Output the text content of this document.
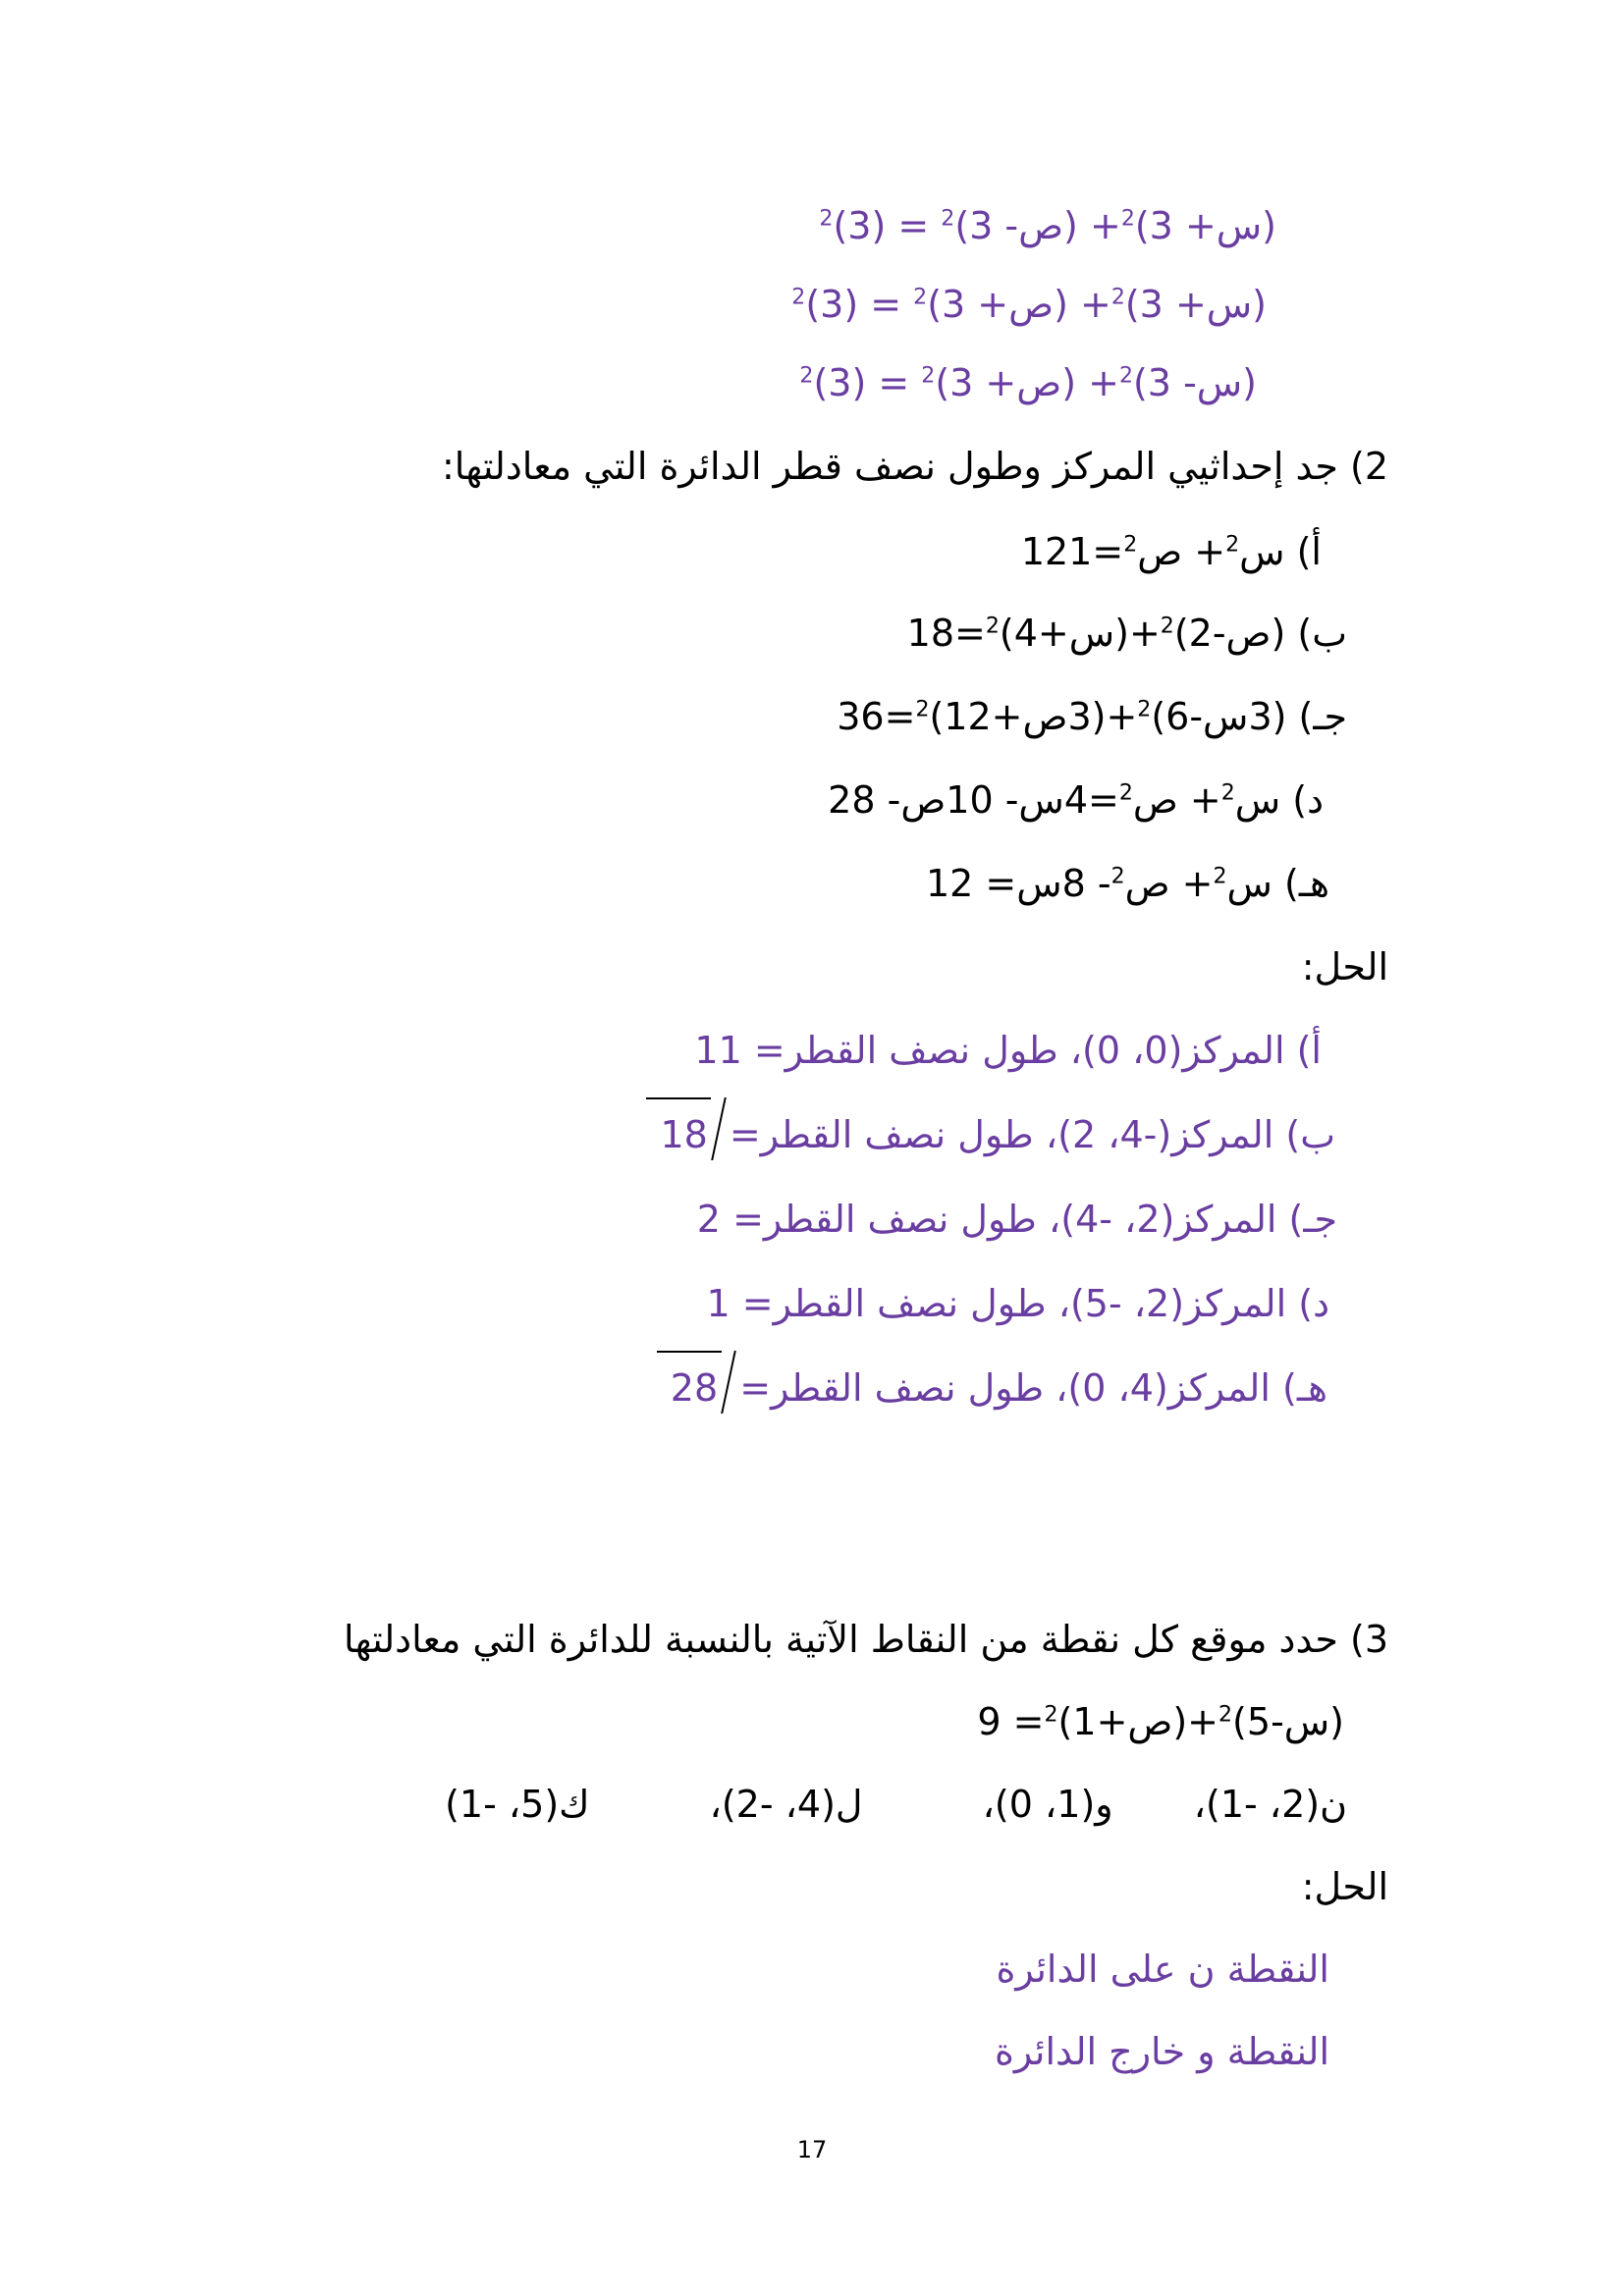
(س+ 3)$^2$+ (ص- $3)^2 = (3)^2$
(س+ 3)$^2$+ (ص+ $3)^2 = (3)^2$
(س- 3)$^2$+ (ص+ $3)^2 = (3)^2$
2) جد إحداثيي المركز وطول نصف قطر الدائرة التي معادلتها:
أ) س$^2$+ ص$^2$=121
ب) (ص-2)$^2$+(س+4)$^2$=18
جـ) (3س-6)$^2$+(3ص+12)$^2$=36
د) س$^2$+ ص$^2$=4س- 10ص- 28
هـ) س$^2$+ ص$^2$- 8س= 12
الحل:
أ) المركز(0، 0)، طول نصف القطر= 11
ب) المركز(-4، 2)، طول نصف القطر= 18
جـ) المركز(2، -4)، طول نصف القطر= 2
د) المركز(2، -5)، طول نصف القطر= 1
هـ) المركز(4، 0)، طول نصف القطر= 28
3) حدد موقع كل نقطة من النقاط الآتية بالنسبة للدائرة التي معادلتها
(س-5)$^2$+(ص+1)$^2$= 9
ن(2، -1)، و(1، 0)، ل(4، -2)، ك(5، -1)
الحل:
النقطة ن على الدائرة
النقطة و خارج الدائرة
17
